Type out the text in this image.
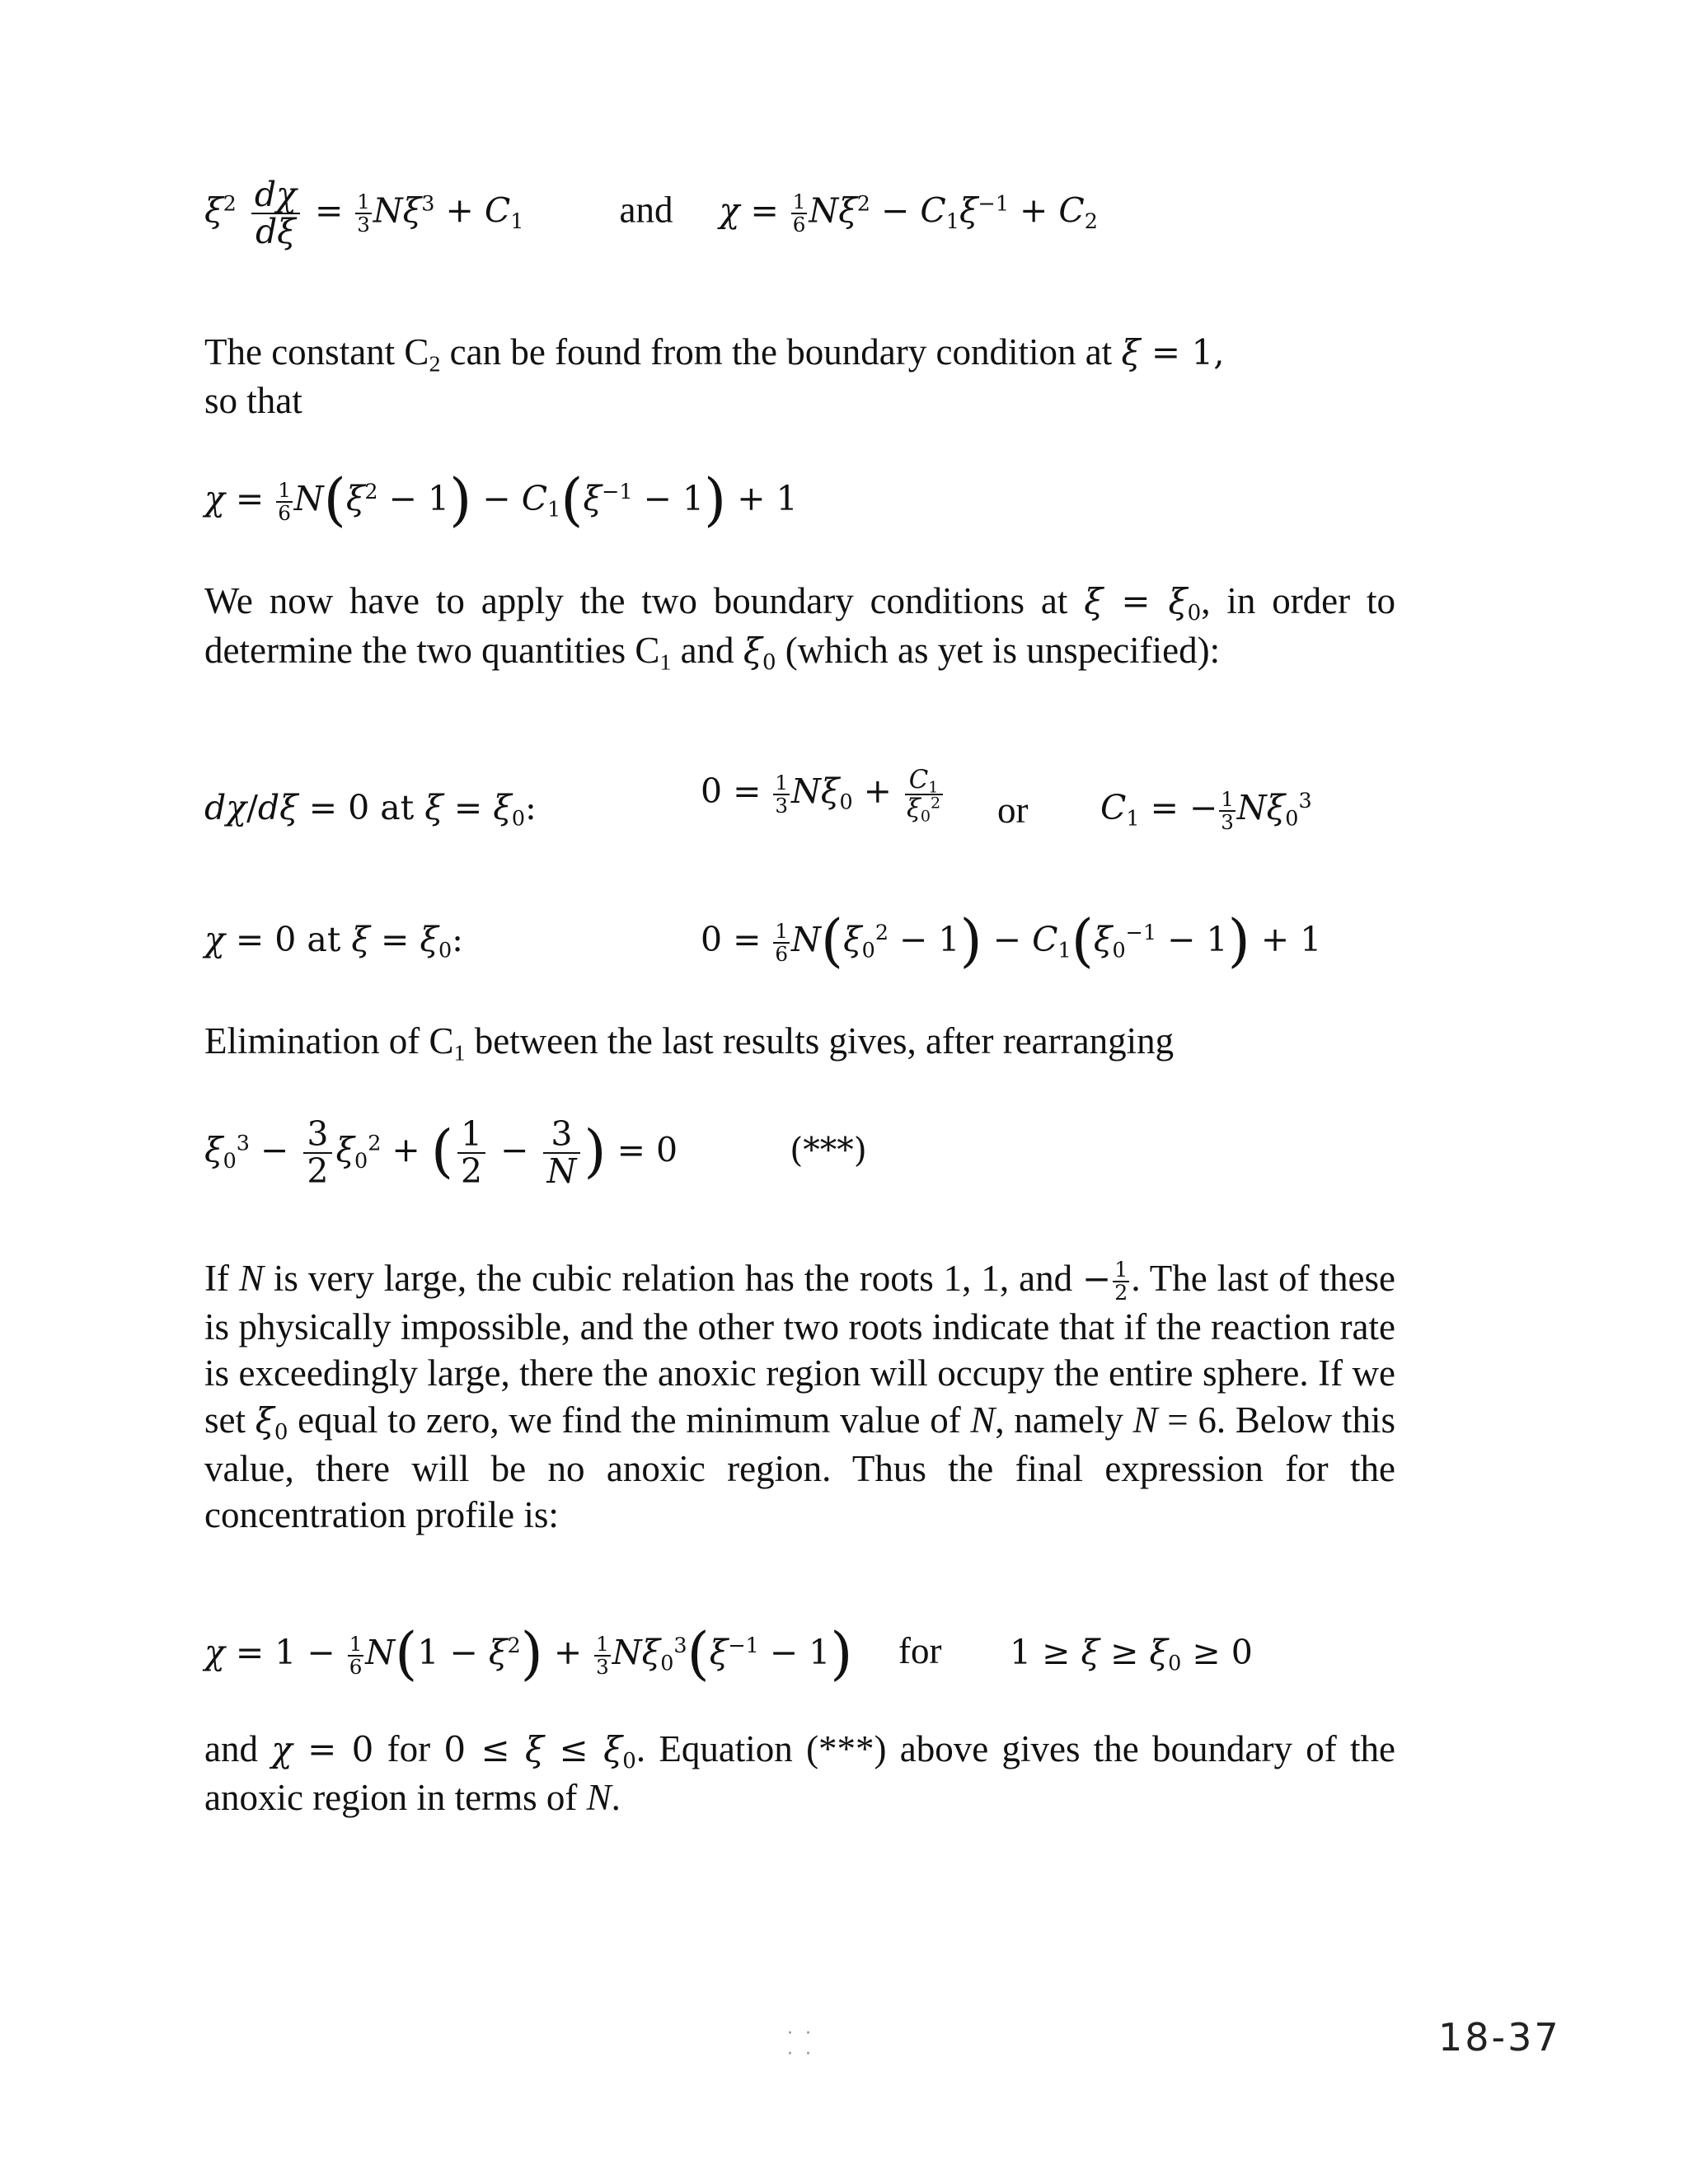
$\xi^2 \frac{d\chi}{d\xi} = \frac{1}{3} N\xi^3 + C_1$	and $\chi = \frac{1}{6} N\xi^2 - C_1\xi^{-1} + C_2$

The constant $C_2$ can be found from the boundary condition at ξ = 1,

so that

$\chi = \frac{1}{6} N(\xi^2 - 1) - C_1(\xi^{-1} - 1) + 1$

We now have to apply the two boundary conditions at $\xi = \xi_0$, in order to determine the two quantities $C_1$ and $\xi_0$ (which as yet is unspecified):

dχ/dξ = 0 at $\xi = \xi_0$:	$0 = \frac{1}{3} N\xi_0 + \frac{C_1}{\xi_0^2}$ or $C_1$ = − $\frac{1}{3} N\xi_0^3$
χ = 0 at $\xi = \xi_0$:	$0 = \frac{1}{6} N(\xi_0^2 - 1) - C_1(\xi_0^{-1} - 1) + 1$

Elimination of $C_1$ between the last results gives, after rearranging

$\xi_0^3 - \frac{3}{2} \xi_0^2$ + ( $\frac{1}{2} - \frac{3}{N}$ ) = 0	(***)

If N is very large, the cubic relation has the roots 1, 1, and − $\frac{1}{2}$ . The last of these is physically impossible, and the other two roots indicate that if the reaction rate is exceedingly large, there the anoxic region will occupy the entire sphere. If we set $\xi_0$ equal to zero, we find the minimum value of N, namely N = 6. Below this value, there will be no anoxic region. Thus the final expression for the concentration profile is:

$\chi = 1 - \frac{1}{6} N(1 - \xi^2) + \frac{1}{3} N\xi_0^3(\xi^{-1} - 1)$ for $1 \ge \xi \ge \xi_0 \ge 0$

and χ = 0 for $0 \le \xi \le \xi_0$. Equation (***) above gives the boundary of the anoxic region in terms of N.

· ·
· ·	18-37
